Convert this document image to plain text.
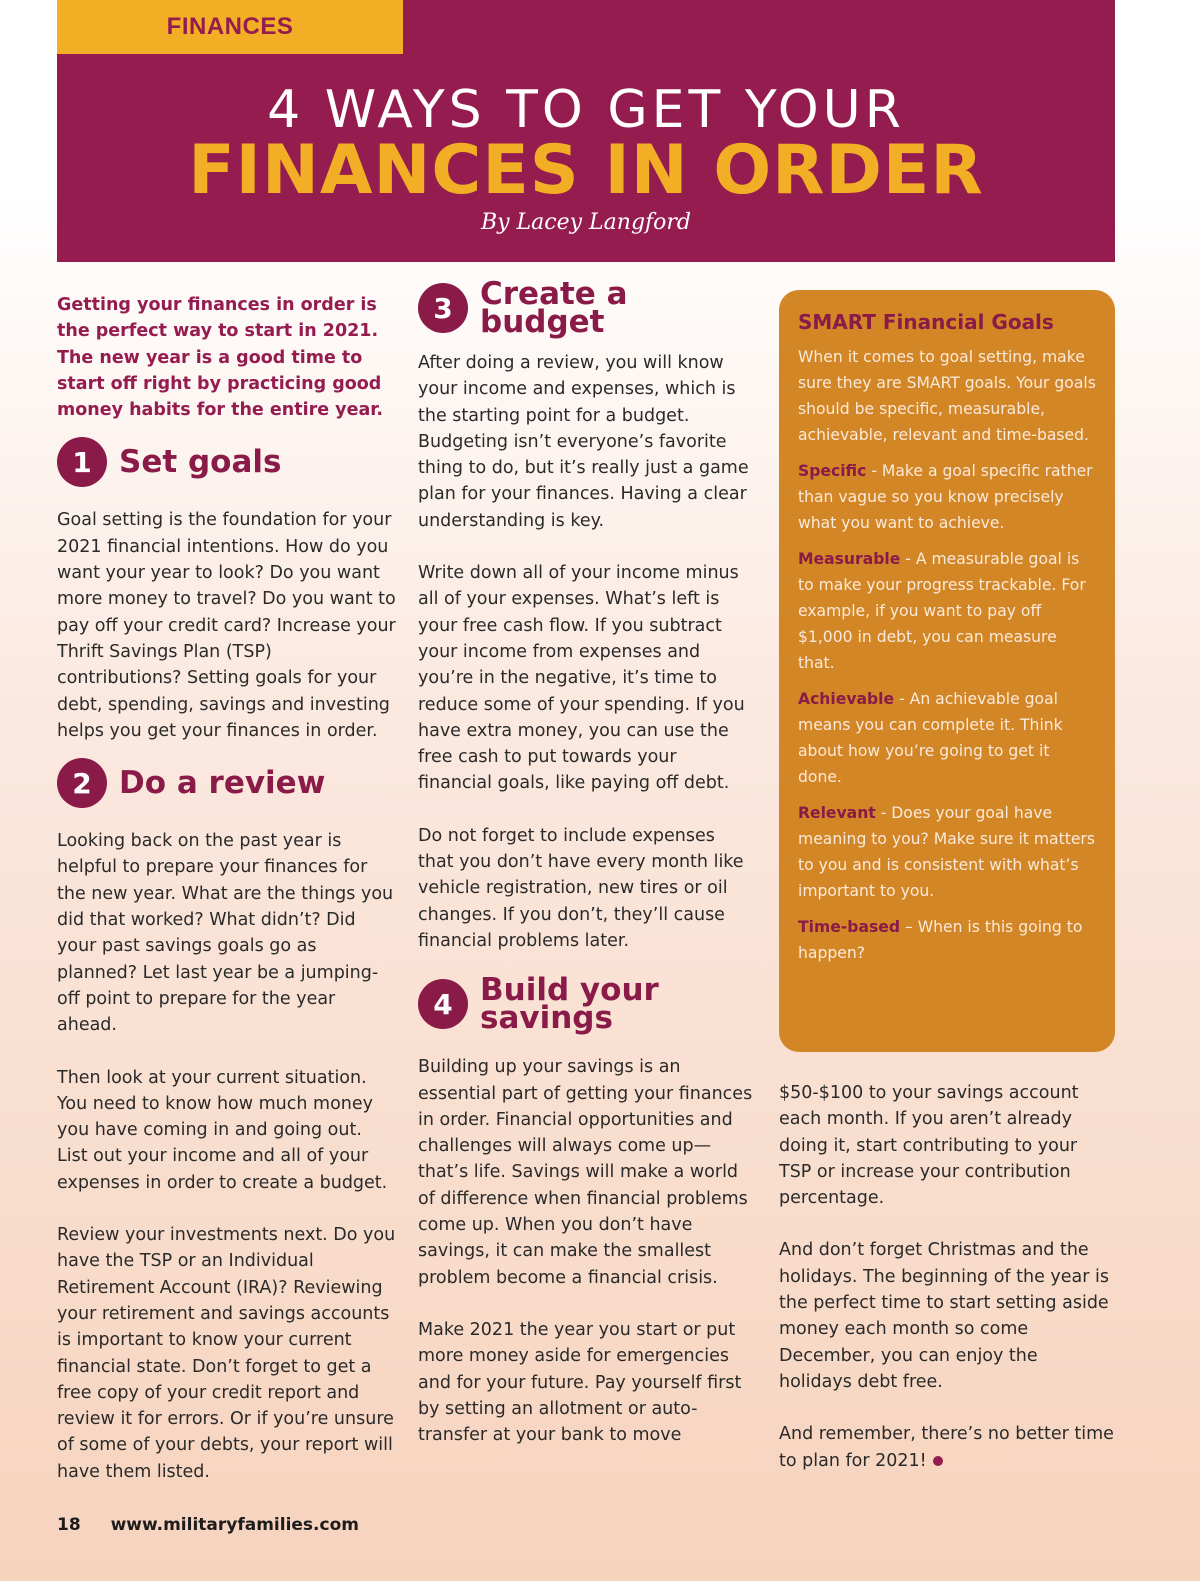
FINANCES
4 WAYS TO GET YOUR
FINANCES IN ORDER
By Lacey Langford

Getting your finances in order is the perfect way to start in 2021. The new year is a good time to start off right by practicing good money habits for the entire year.

1 Set goals

Goal setting is the foundation for your 2021 financial intentions. How do you want your year to look? Do you want more money to travel? Do you want to pay off your credit card? Increase your Thrift Savings Plan (TSP) contributions? Setting goals for your debt, spending, savings and investing helps you get your finances in order.

2 Do a review

Looking back on the past year is helpful to prepare your finances for the new year. What are the things you did that worked? What didn’t? Did your past savings goals go as planned? Let last year be a jumping-off point to prepare for the year ahead.

Then look at your current situation. You need to know how much money you have coming in and going out. List out your income and all of your expenses in order to create a budget.

Review your investments next. Do you have the TSP or an Individual Retirement Account (IRA)? Reviewing your retirement and savings accounts is important to know your current financial state. Don’t forget to get a free copy of your credit report and review it for errors. Or if you’re unsure of some of your debts, your report will have them listed.

3 Create a budget

After doing a review, you will know your income and expenses, which is the starting point for a budget. Budgeting isn’t everyone’s favorite thing to do, but it’s really just a game plan for your finances. Having a clear understanding is key.

Write down all of your income minus all of your expenses. What’s left is your free cash flow. If you subtract your income from expenses and you’re in the negative, it’s time to reduce some of your spending. If you have extra money, you can use the free cash to put towards your financial goals, like paying off debt.

Do not forget to include expenses that you don’t have every month like vehicle registration, new tires or oil changes. If you don’t, they’ll cause financial problems later.

4 Build your
savings

Building up your savings is an essential part of getting your finances in order. Financial opportunities and challenges will always come up—that’s life. Savings will make a world of difference when financial problems come up. When you don’t have savings, it can make the smallest problem become a financial crisis.

Make 2021 the year you start or put more money aside for emergencies and for your future. Pay yourself first by setting an allotment or auto-transfer at your bank to move

SMART Financial Goals

When it comes to goal setting, make sure they are SMART goals. Your goals should be specific, measurable, achievable, relevant and time-based.

Specific - Make a goal specific rather than vague so you know precisely what you want to achieve.

Measurable - A measurable goal is to make your progress trackable. For example, if you want to pay off $1,000 in debt, you can measure that.

Achievable - An achievable goal means you can complete it. Think about how you’re going to get it done.

Relevant - Does your goal have meaning to you? Make sure it matters to you and is consistent with what’s important to you.

Time-based – When is this going to happen?

$50-$100 to your savings account each month. If you aren’t already doing it, start contributing to your TSP or increase your contribution percentage.

And don’t forget Christmas and the holidays. The beginning of the year is the perfect time to start setting aside money each month so come December, you can enjoy the holidays debt free.

And remember, there’s no better time to plan for 2021!

18 www.militaryfamilies.com
